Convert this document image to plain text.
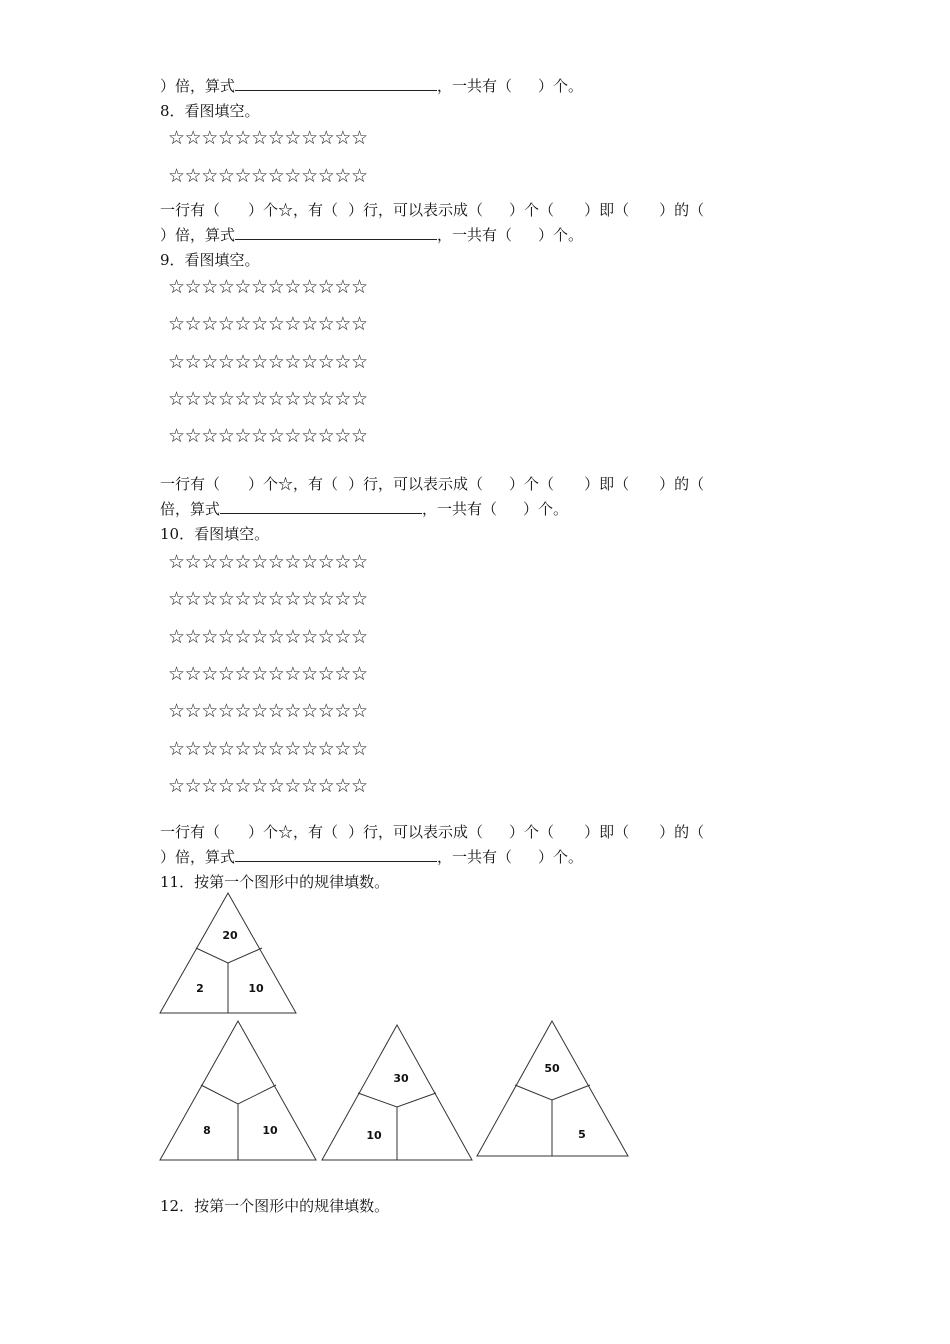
）倍，算式	，一共有（ ）个。
8．看图填空。
☆☆☆☆☆☆☆☆☆☆☆☆
☆☆☆☆☆☆☆☆☆☆☆☆
一行有（ ）个☆，有（ ）行，可以表示成（ ）个（ ）即（ ）的（
）倍，算式	，一共有（ ）个。
9．看图填空。
☆☆☆☆☆☆☆☆☆☆☆☆
☆☆☆☆☆☆☆☆☆☆☆☆
☆☆☆☆☆☆☆☆☆☆☆☆
☆☆☆☆☆☆☆☆☆☆☆☆
☆☆☆☆☆☆☆☆☆☆☆☆
一行有（ ）个☆，有（ ）行，可以表示成（ ）个（ ）即（ ）的（
倍，算式	，一共有（ ）个。
10．看图填空。
☆☆☆☆☆☆☆☆☆☆☆☆
☆☆☆☆☆☆☆☆☆☆☆☆
☆☆☆☆☆☆☆☆☆☆☆☆
☆☆☆☆☆☆☆☆☆☆☆☆
☆☆☆☆☆☆☆☆☆☆☆☆
☆☆☆☆☆☆☆☆☆☆☆☆
☆☆☆☆☆☆☆☆☆☆☆☆
一行有（ ）个☆，有（ ）行，可以表示成（ ）个（ ）即（ ）的（
）倍，算式	，一共有（ ）个。
11．按第一个图形中的规律填数。
20
2	10
8	10
30
10
50
5
12．按第一个图形中的规律填数。
